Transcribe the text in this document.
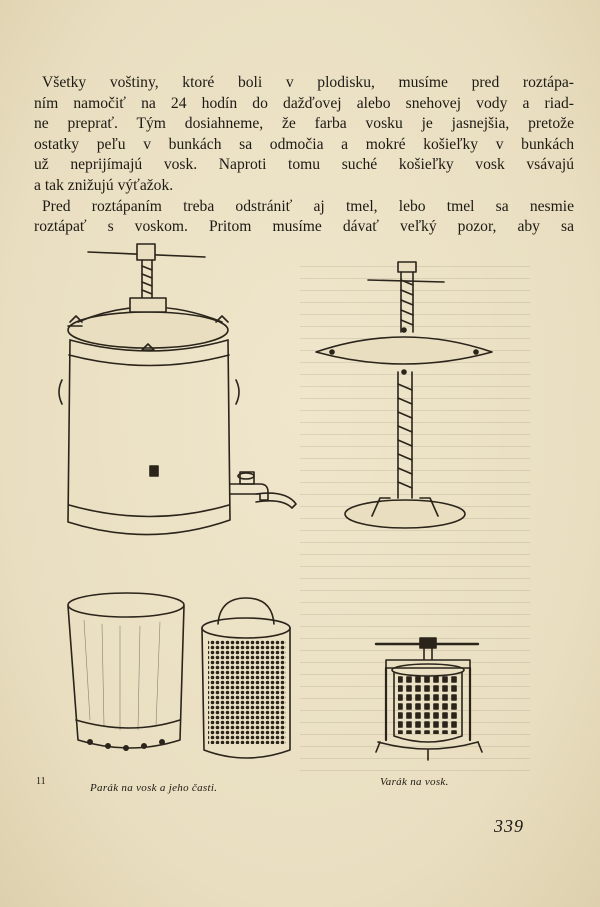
Všetky voštiny, ktoré boli v plodisku, musíme pred roztápa-
ním namočiť na 24 hodín do dažďovej alebo snehovej vody a riad-
ne preprať. Tým dosiahneme, že farba vosku je jasnejšia, pretože
ostatky peľu v bunkách sa odmočia a mokré košieľky v bunkách
už neprijímajú vosk. Naproti tomu suché košieľky vosk vsávajú
a tak znižujú výťažok.
Pred roztápaním treba odstrániť aj tmel, lebo tmel sa nesmie
roztápať s voskom. Pritom musíme dávať veľký pozor, aby sa
11
Parák na vosk a jeho časti.	Varák na vosk.
339
